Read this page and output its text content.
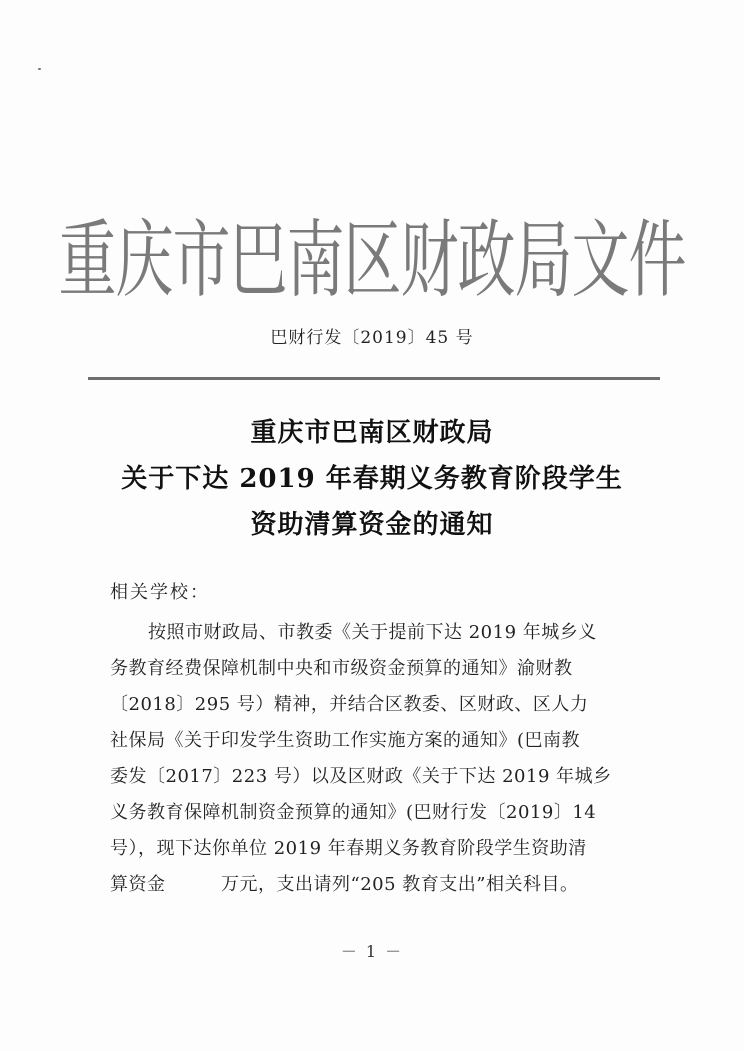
重庆市巴南区财政局文件
巴财行发〔2019〕45 号
重庆市巴南区财政局
关于下达 2019 年春期义务教育阶段学生
资助清算资金的通知
相关学校：
按照市财政局、市教委《关于提前下达 2019 年城乡义
务教育经费保障机制中央和市级资金预算的通知》渝财教
〔2018〕295 号）精神，并结合区教委、区财政、区人力
社保局《关于印发学生资助工作实施方案的通知》(巴南教
委发〔2017〕223 号）以及区财政《关于下达 2019 年城乡
义务教育保障机制资金预算的通知》(巴财行发〔2019〕14
号），现下达你单位 2019 年春期义务教育阶段学生资助清
算资金　　　万元，支出请列“205 教育支出”相关科目。
－ 1 －
